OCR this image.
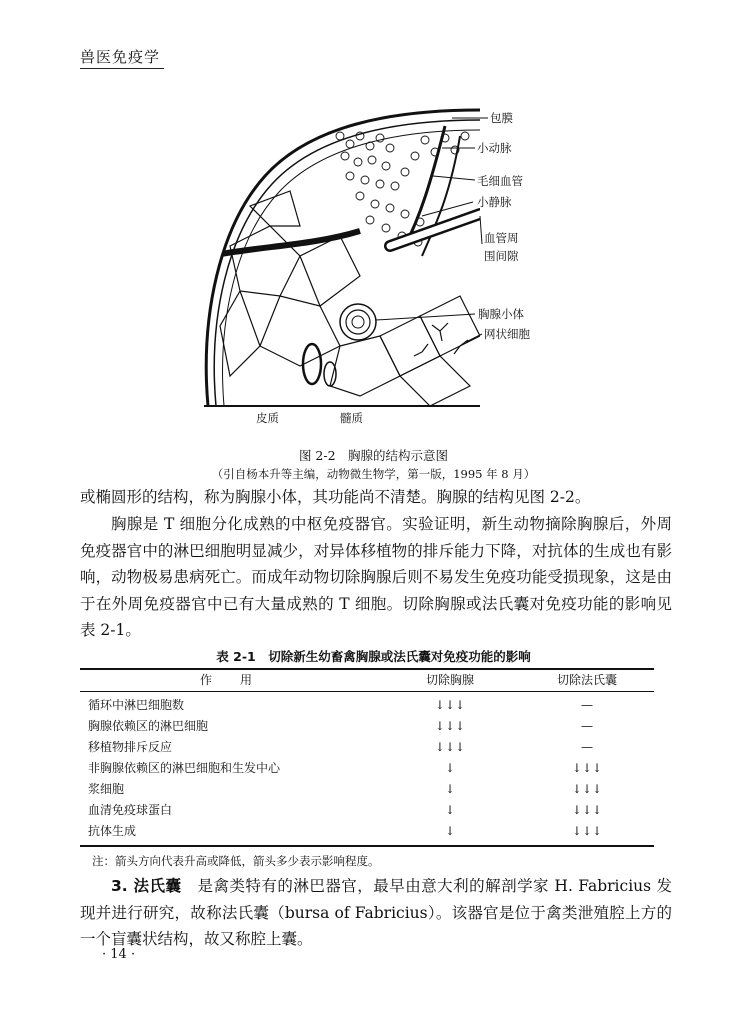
兽医免疫学
包膜
小动脉
毛细血管
小静脉
血管周
围间隙
胸腺小体
网状细胞
皮质	髓质
图 2-2　胸腺的结构示意图
（引自杨本升等主编，动物微生物学，第一版，1995 年 8 月）
或椭圆形的结构，称为胸腺小体，其功能尚不清楚。胸腺的结构见图 2-2。
胸腺是 T 细胞分化成熟的中枢免疫器官。实验证明，新生动物摘除胸腺后，外周免疫器官中的淋巴细胞明显减少，对异体移植物的排斥能力下降，对抗体的生成也有影响，动物极易患病死亡。而成年动物切除胸腺后则不易发生免疫功能受损现象，这是由于在外周免疫器官中已有大量成熟的 T 细胞。切除胸腺或法氏囊对免疫功能的影响见表 2-1。
表 2-1　切除新生幼畜禽胸腺或法氏囊对免疫功能的影响
作　用	切除胸腺	切除法氏囊
循环中淋巴细胞数	↓↓↓	—
胸腺依赖区的淋巴细胞	↓↓↓	—
移植物排斥反应	↓↓↓	—
非胸腺依赖区的淋巴细胞和生发中心	↓	↓↓↓
浆细胞	↓	↓↓↓
血清免疫球蛋白	↓	↓↓↓
抗体生成	↓	↓↓↓
注：箭头方向代表升高或降低，箭头多少表示影响程度。
3. 法氏囊　是禽类特有的淋巴器官，最早由意大利的解剖学家 H. Fabricius 发现并进行研究，故称法氏囊（bursa of Fabricius）。该器官是位于禽类泄殖腔上方的一个盲囊状结构，故又称腔上囊。
· 14 ·
